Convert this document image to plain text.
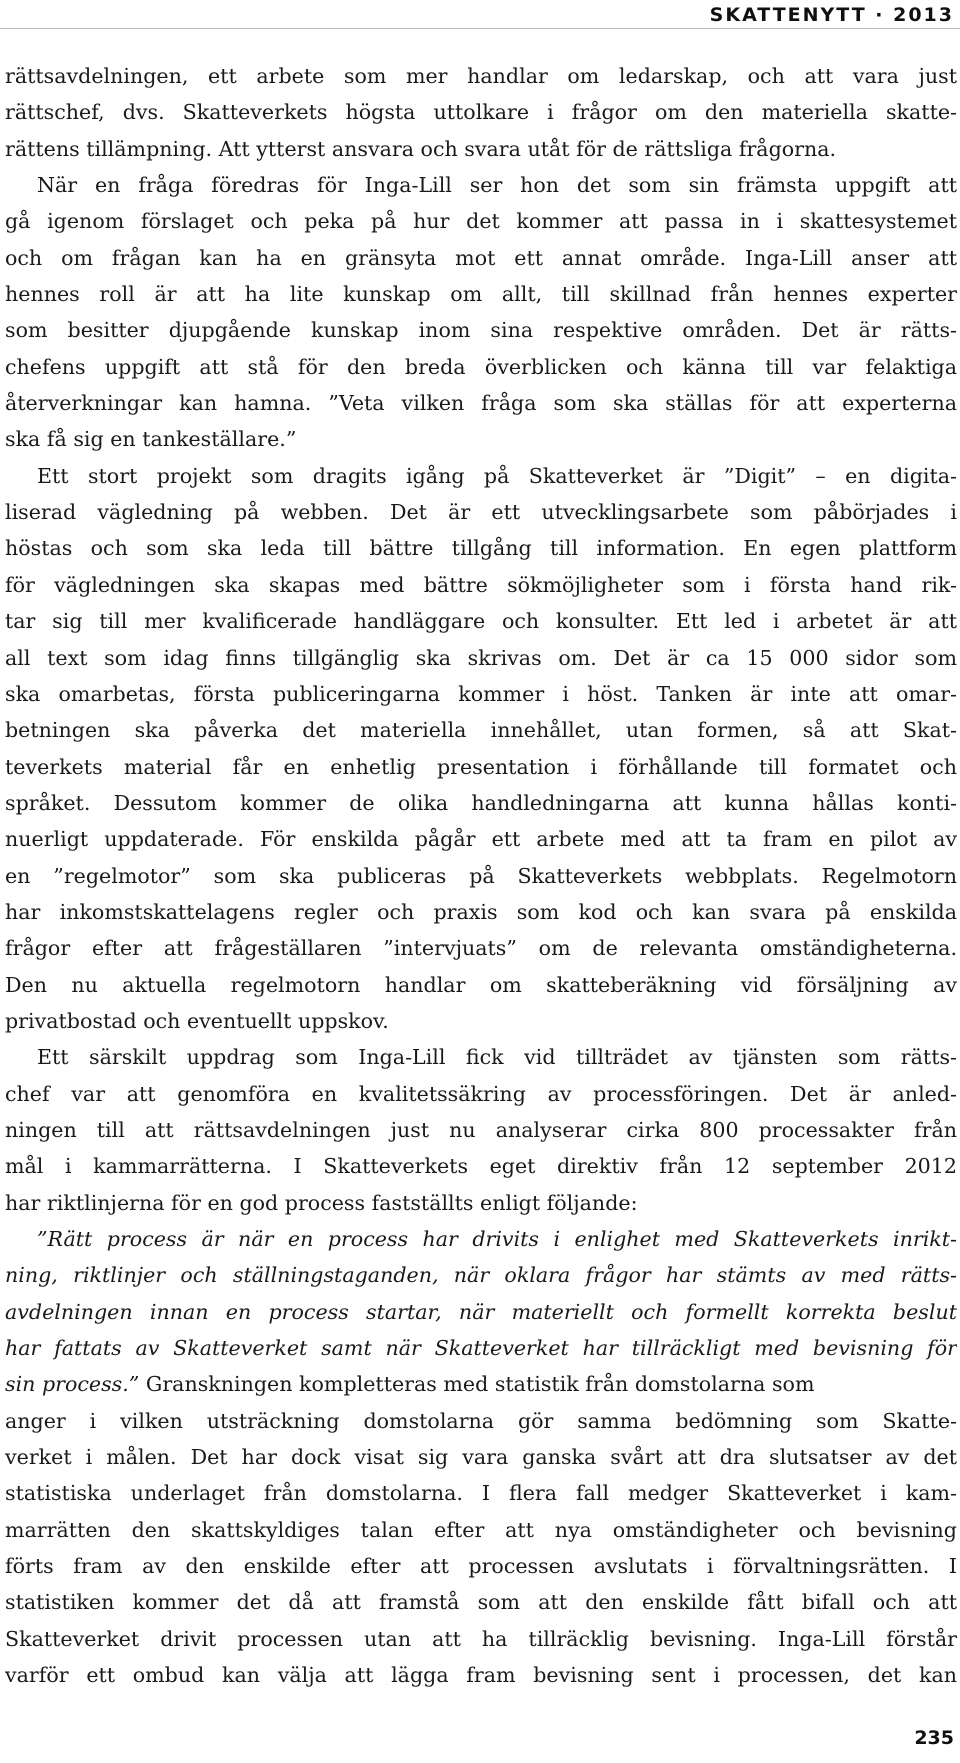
SKATTENYTT · 2013
rättsavdelningen, ett arbete som mer handlar om ledarskap, och att vara just
rättschef, dvs. Skatteverkets högsta uttolkare i frågor om den materiella skatte-
rättens tillämpning. Att ytterst ansvara och svara utåt för de rättsliga frågorna.
När en fråga föredras för Inga-Lill ser hon det som sin främsta uppgift att
gå igenom förslaget och peka på hur det kommer att passa in i skattesystemet
och om frågan kan ha en gränsyta mot ett annat område. Inga-Lill anser att
hennes roll är att ha lite kunskap om allt, till skillnad från hennes experter
som besitter djupgående kunskap inom sina respektive områden. Det är rätts-
chefens uppgift att stå för den breda överblicken och känna till var felaktiga
återverkningar kan hamna. ”Veta vilken fråga som ska ställas för att experterna
ska få sig en tankeställare.”
Ett stort projekt som dragits igång på Skatteverket är ”Digit” – en digita-
liserad vägledning på webben. Det är ett utvecklingsarbete som påbörjades i
höstas och som ska leda till bättre tillgång till information. En egen plattform
för vägledningen ska skapas med bättre sökmöjligheter som i första hand rik-
tar sig till mer kvalificerade handläggare och konsulter. Ett led i arbetet är att
all text som idag finns tillgänglig ska skrivas om. Det är ca 15 000 sidor som
ska omarbetas, första publiceringarna kommer i höst. Tanken är inte att omar-
betningen ska påverka det materiella innehållet, utan formen, så att Skat-
teverkets material får en enhetlig presentation i förhållande till formatet och
språket. Dessutom kommer de olika handledningarna att kunna hållas konti-
nuerligt uppdaterade. För enskilda pågår ett arbete med att ta fram en pilot av
en ”regelmotor” som ska publiceras på Skatteverkets webbplats. Regelmotorn
har inkomstskattelagens regler och praxis som kod och kan svara på enskilda
frågor efter att frågeställaren ”intervjuats” om de relevanta omständigheterna.
Den nu aktuella regelmotorn handlar om skatteberäkning vid försäljning av
privatbostad och eventuellt uppskov.
Ett särskilt uppdrag som Inga-Lill fick vid tillträdet av tjänsten som rätts-
chef var att genomföra en kvalitetssäkring av processföringen. Det är anled-
ningen till att rättsavdelningen just nu analyserar cirka 800 processakter från
mål i kammarrätterna. I Skatteverkets eget direktiv från 12 september 2012
har riktlinjerna för en god process fastställts enligt följande:
”Rätt process är när en process har drivits i enlighet med Skatteverkets inrikt-
ning, riktlinjer och ställningstaganden, när oklara frågor har stämts av med rätts-
avdelningen innan en process startar, när materiellt och formellt korrekta beslut
har fattats av Skatteverket samt när Skatteverket har tillräckligt med bevisning för
sin process.” Granskningen kompletteras med statistik från domstolarna som
anger i vilken utsträckning domstolarna gör samma bedömning som Skatte-
verket i målen. Det har dock visat sig vara ganska svårt att dra slutsatser av det
statistiska underlaget från domstolarna. I flera fall medger Skatteverket i kam-
marrätten den skattskyldiges talan efter att nya omständigheter och bevisning
förts fram av den enskilde efter att processen avslutats i förvaltningsrätten. I
statistiken kommer det då att framstå som att den enskilde fått bifall och att
Skatteverket drivit processen utan att ha tillräcklig bevisning. Inga-Lill förstår
varför ett ombud kan välja att lägga fram bevisning sent i processen, det kan
235
